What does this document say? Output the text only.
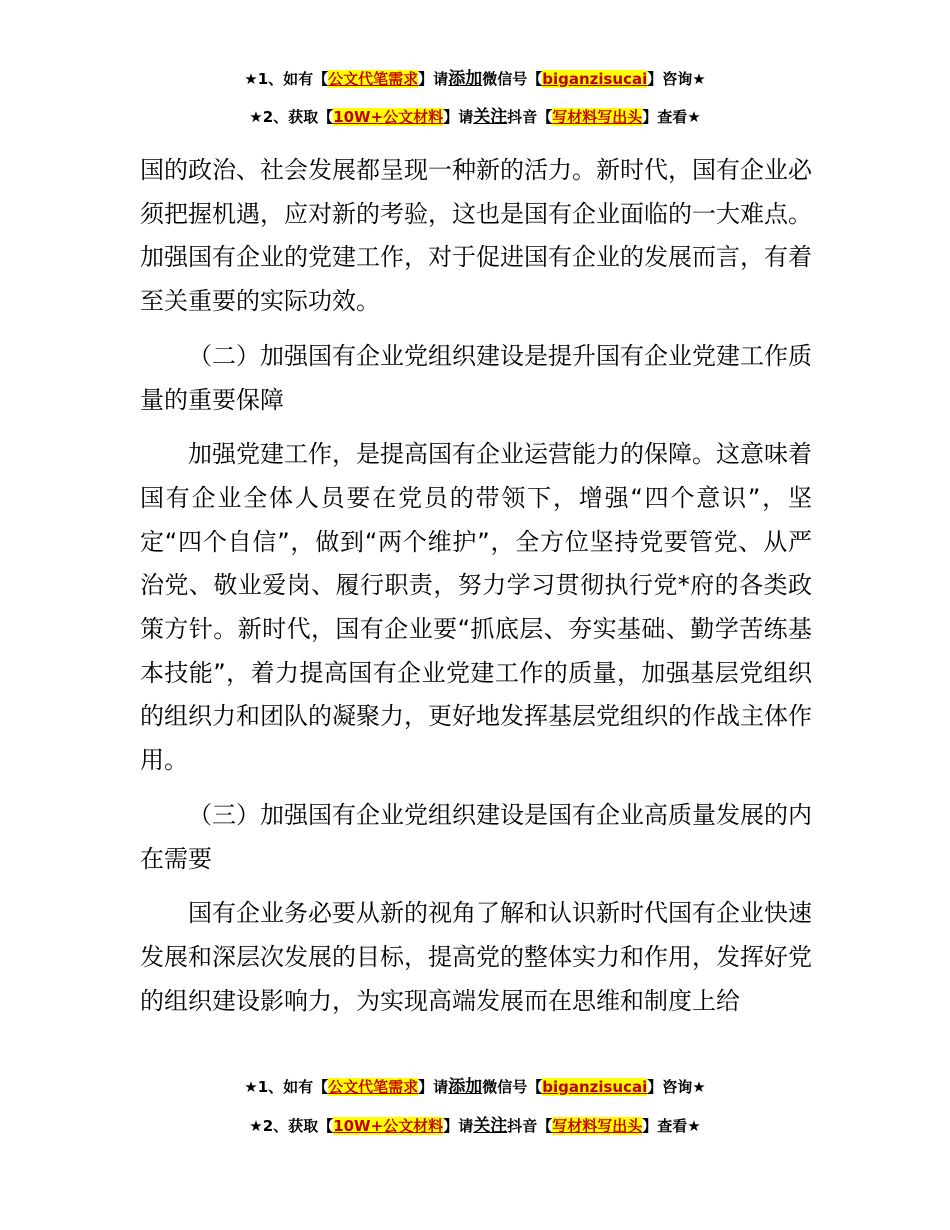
★1、如有【公文代笔需求】请添加微信号【biganzisucai】咨询★
★2、获取【10W+公文材料】请关注抖音【写材料写出头】查看★

国的政治、社会发展都呈现一种新的活力。新时代，国有企业必须把握机遇，应对新的考验，这也是国有企业面临的一大难点。加强国有企业的党建工作，对于促进国有企业的发展而言，有着至关重要的实际功效。

（二）加强国有企业党组织建设是提升国有企业党建工作质量的重要保障

加强党建工作，是提高国有企业运营能力的保障。这意味着国有企业全体人员要在党员的带领下，增强“四个意识”，坚定“四个自信”，做到“两个维护”，全方位坚持党要管党、从严治党、敬业爱岗、履行职责，努力学习贯彻执行党*府的各类政策方针。新时代，国有企业要“抓底层、夯实基础、勤学苦练基本技能”，着力提高国有企业党建工作的质量，加强基层党组织的组织力和团队的凝聚力，更好地发挥基层党组织的作战主体作用。

（三）加强国有企业党组织建设是国有企业高质量发展的内在需要

国有企业务必要从新的视角了解和认识新时代国有企业快速发展和深层次发展的目标，提高党的整体实力和作用，发挥好党的组织建设影响力，为实现高端发展而在思维和制度上给

★1、如有【公文代笔需求】请添加微信号【biganzisucai】咨询★
★2、获取【10W+公文材料】请关注抖音【写材料写出头】查看★
